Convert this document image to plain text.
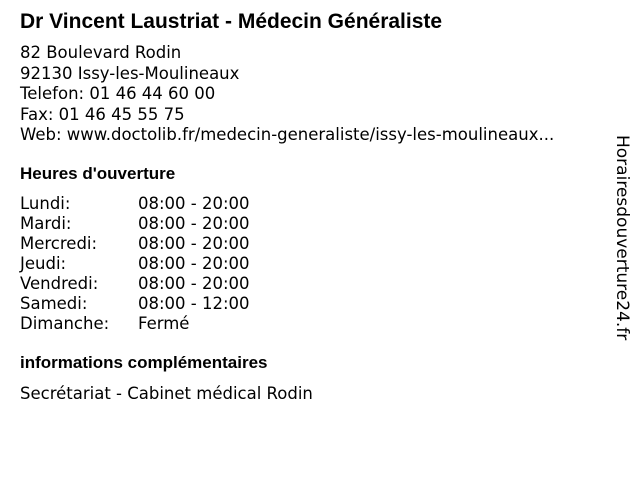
Dr Vincent Laustriat - Médecin Généraliste
82 Boulevard Rodin
92130 Issy-les-Moulineaux
Telefon: 01 46 44 60 00
Fax: 01 46 45 55 75
Web: www.doctolib.fr/medecin-generaliste/issy-les-moulineaux...
Heures d'ouverture
Lundi:	08:00 - 20:00
Mardi:	08:00 - 20:00
Mercredi: 08:00 - 20:00
Jeudi:	08:00 - 20:00
Vendredi: 08:00 - 20:00
Samedi:	08:00 - 12:00
Dimanche: Fermé
informations complémentaires
Secrétariat - Cabinet médical Rodin
Horairesdouverture24.fr
